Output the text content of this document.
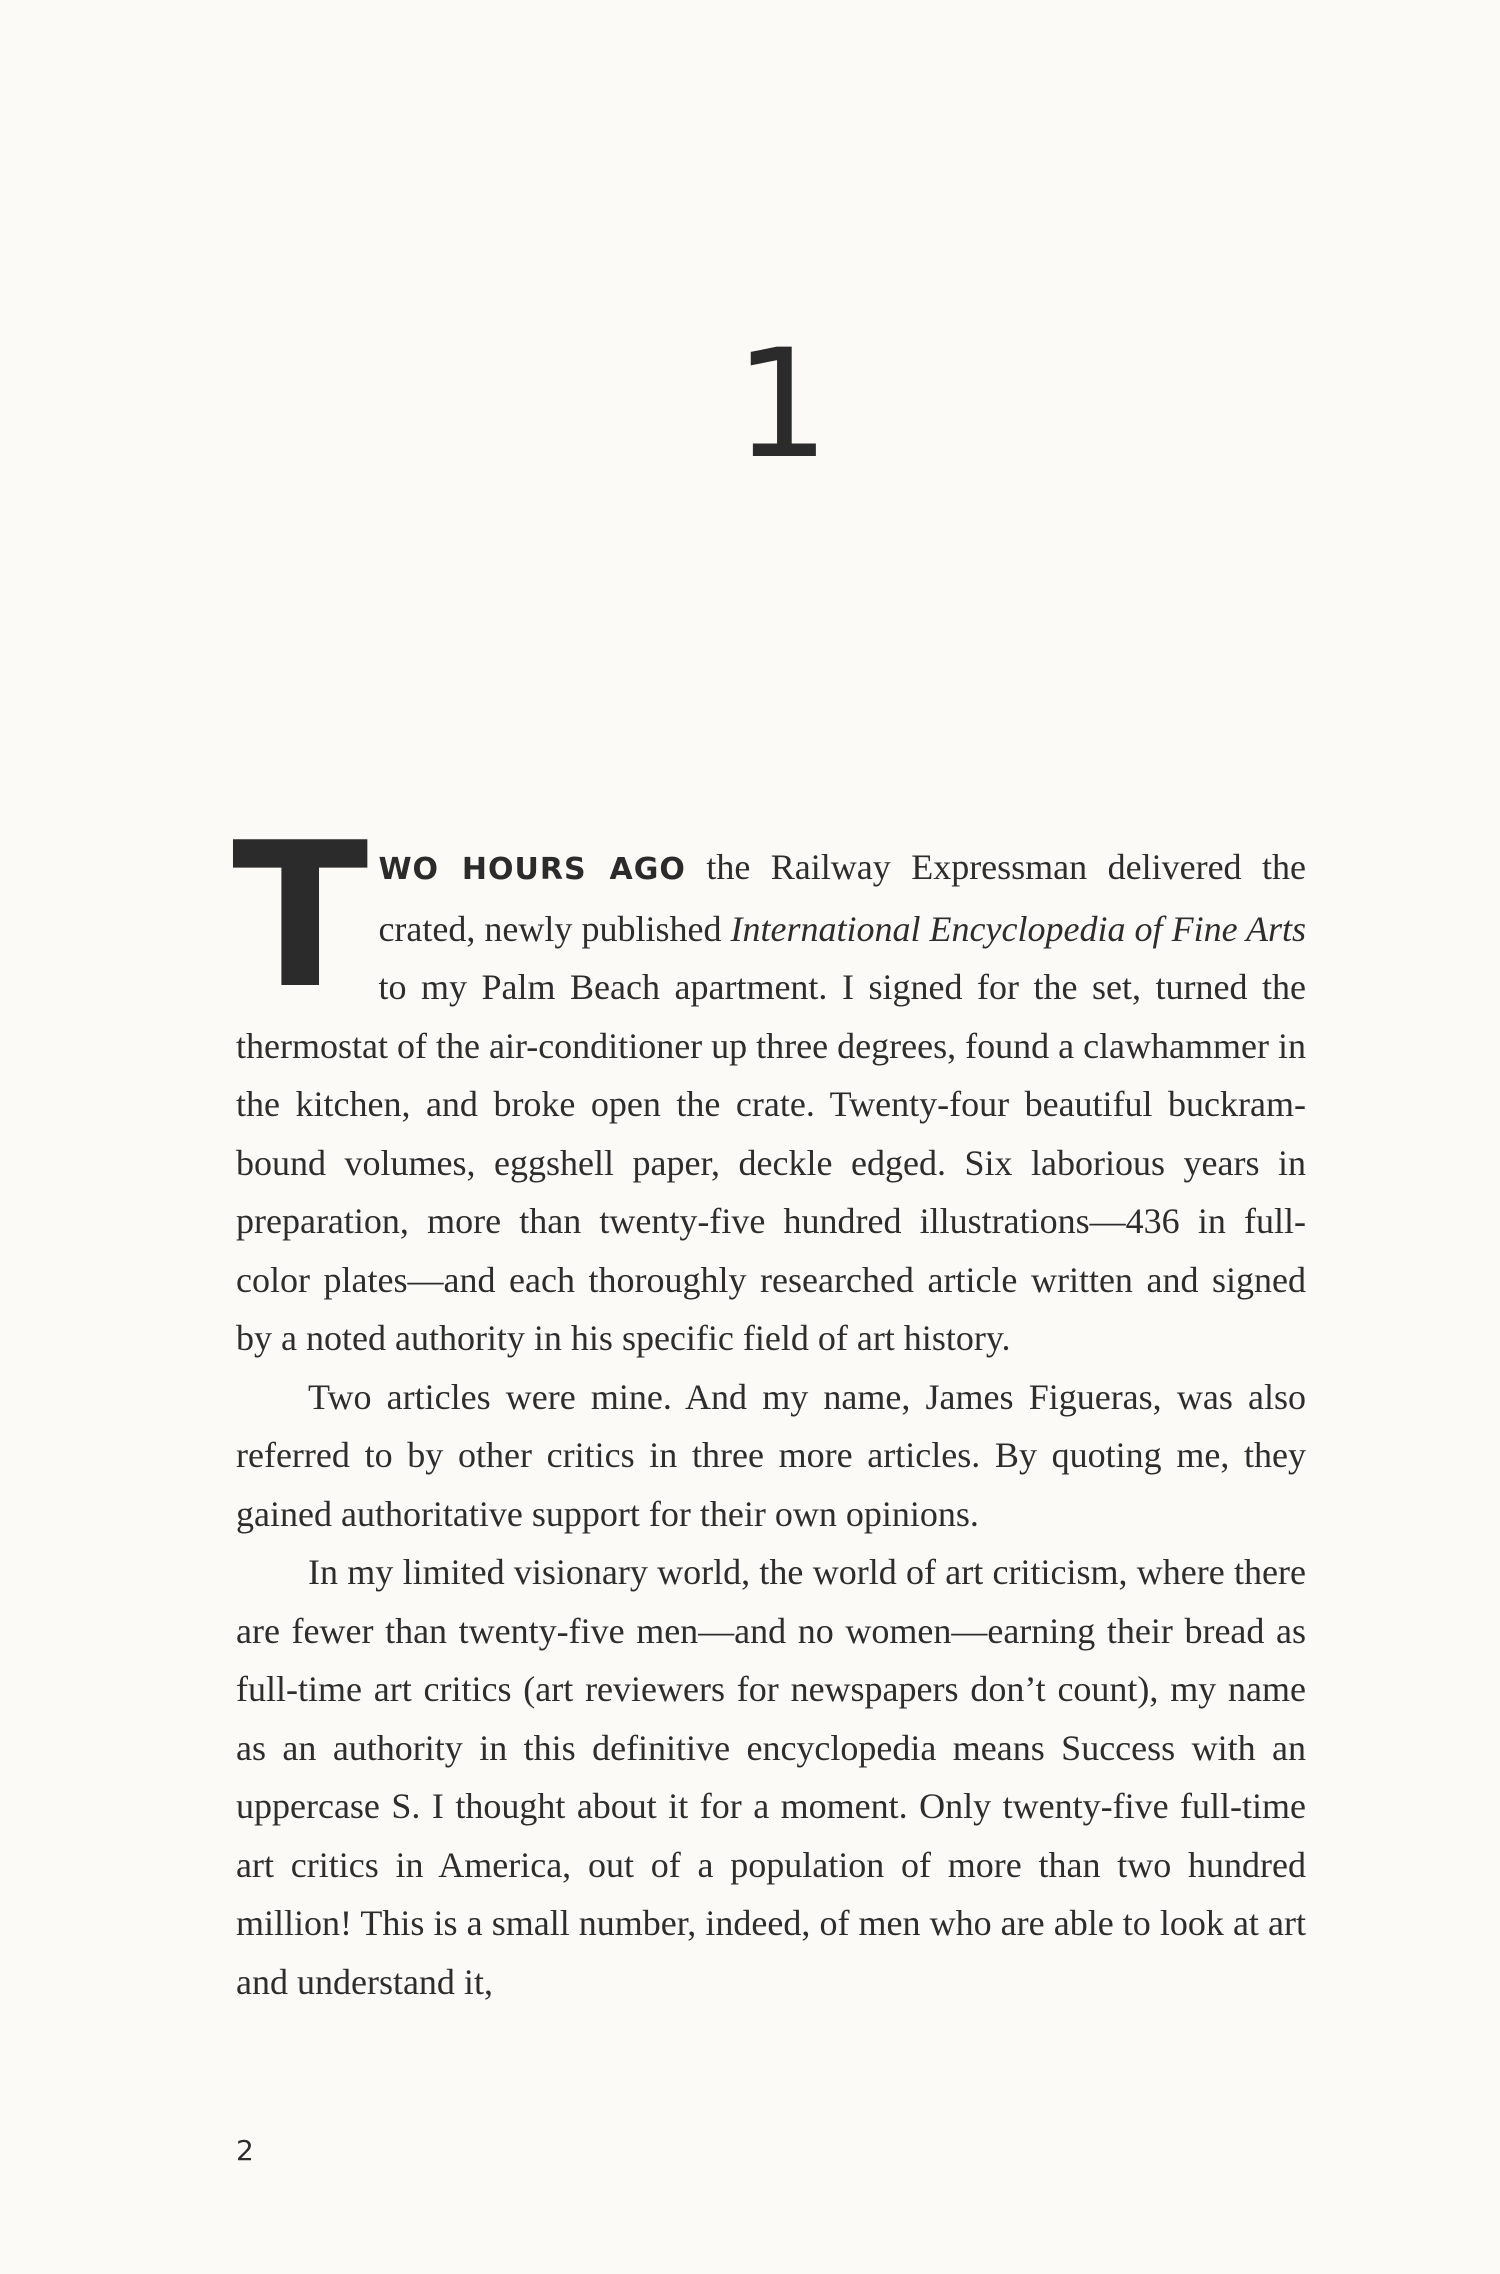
1

TWO HOURS AGO the Railway Expressman delivered the crated, newly published International Encyclopedia of Fine Arts to my Palm Beach apartment. I signed for the set, turned the thermostat of the air-conditioner up three degrees, found a clawhammer in the kitchen, and broke open the crate. Twenty-four beautiful buckram-bound volumes, eggshell paper, deckle edged. Six laborious years in preparation, more than twenty-five hundred illustrations—436 in full-color plates—and each thoroughly researched article written and signed by a noted authority in his specific field of art history.

Two articles were mine. And my name, James Figueras, was also referred to by other critics in three more articles. By quoting me, they gained authoritative support for their own opinions.

In my limited visionary world, the world of art criticism, where there are fewer than twenty-five men—and no women—earning their bread as full-time art critics (art reviewers for newspapers don’t count), my name as an authority in this definitive encyclopedia means Success with an uppercase S. I thought about it for a moment. Only twenty-five full-time art critics in America, out of a population of more than two hundred million! This is a small number, indeed, of men who are able to look at art and understand it,

2
